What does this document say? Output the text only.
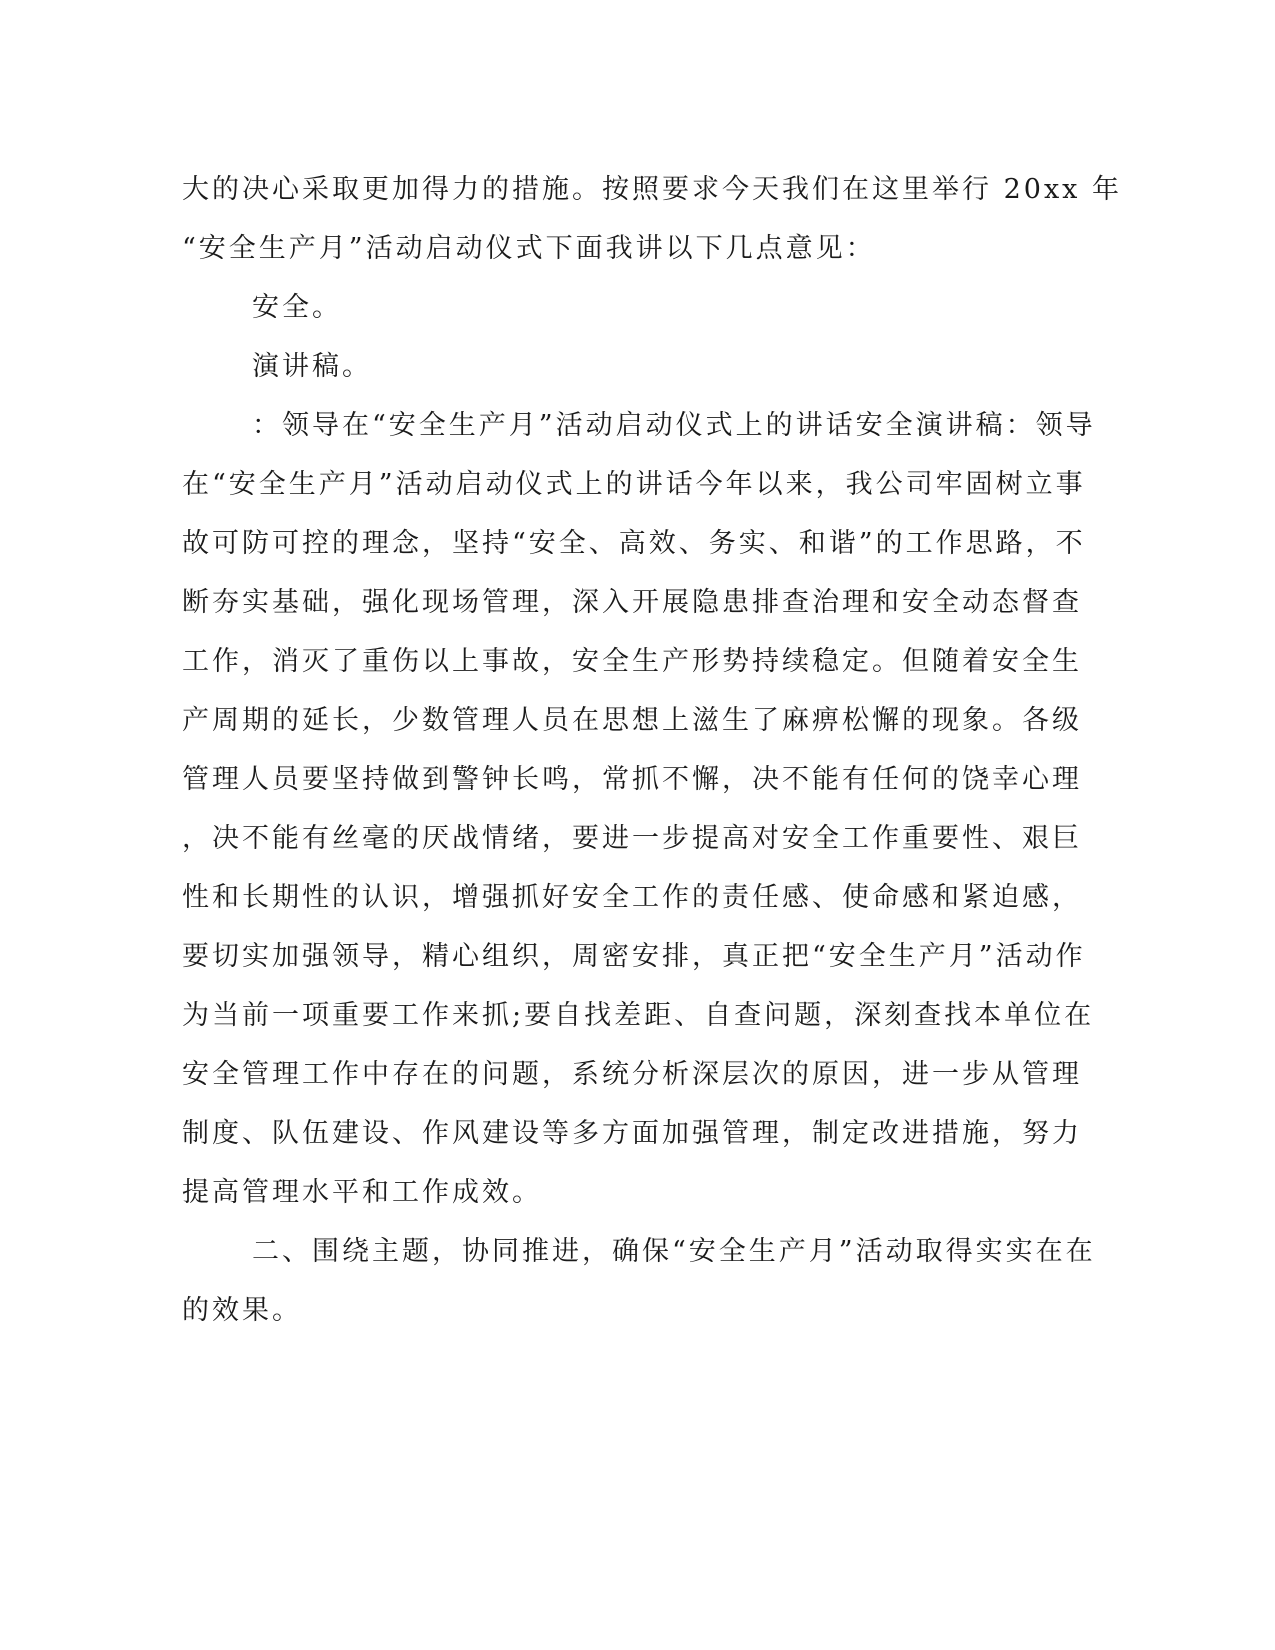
大的决心采取更加得力的措施。按照要求今天我们在这里举行 20xx 年
“安全生产月”活动启动仪式下面我讲以下几点意见：
安全。
演讲稿。
：领导在“安全生产月”活动启动仪式上的讲话安全演讲稿：领导
在“安全生产月”活动启动仪式上的讲话今年以来，我公司牢固树立事
故可防可控的理念，坚持“安全、高效、务实、和谐”的工作思路，不
断夯实基础，强化现场管理，深入开展隐患排查治理和安全动态督查
工作，消灭了重伤以上事故，安全生产形势持续稳定。但随着安全生
产周期的延长，少数管理人员在思想上滋生了麻痹松懈的现象。各级
管理人员要坚持做到警钟长鸣，常抓不懈，决不能有任何的饶幸心理
，决不能有丝毫的厌战情绪，要进一步提高对安全工作重要性、艰巨
性和长期性的认识，增强抓好安全工作的责任感、使命感和紧迫感，
要切实加强领导，精心组织，周密安排，真正把“安全生产月”活动作
为当前一项重要工作来抓;要自找差距、自查问题，深刻查找本单位在
安全管理工作中存在的问题，系统分析深层次的原因，进一步从管理
制度、队伍建设、作风建设等多方面加强管理，制定改进措施，努力
提高管理水平和工作成效。
二、围绕主题，协同推进，确保“安全生产月”活动取得实实在在
的效果。
